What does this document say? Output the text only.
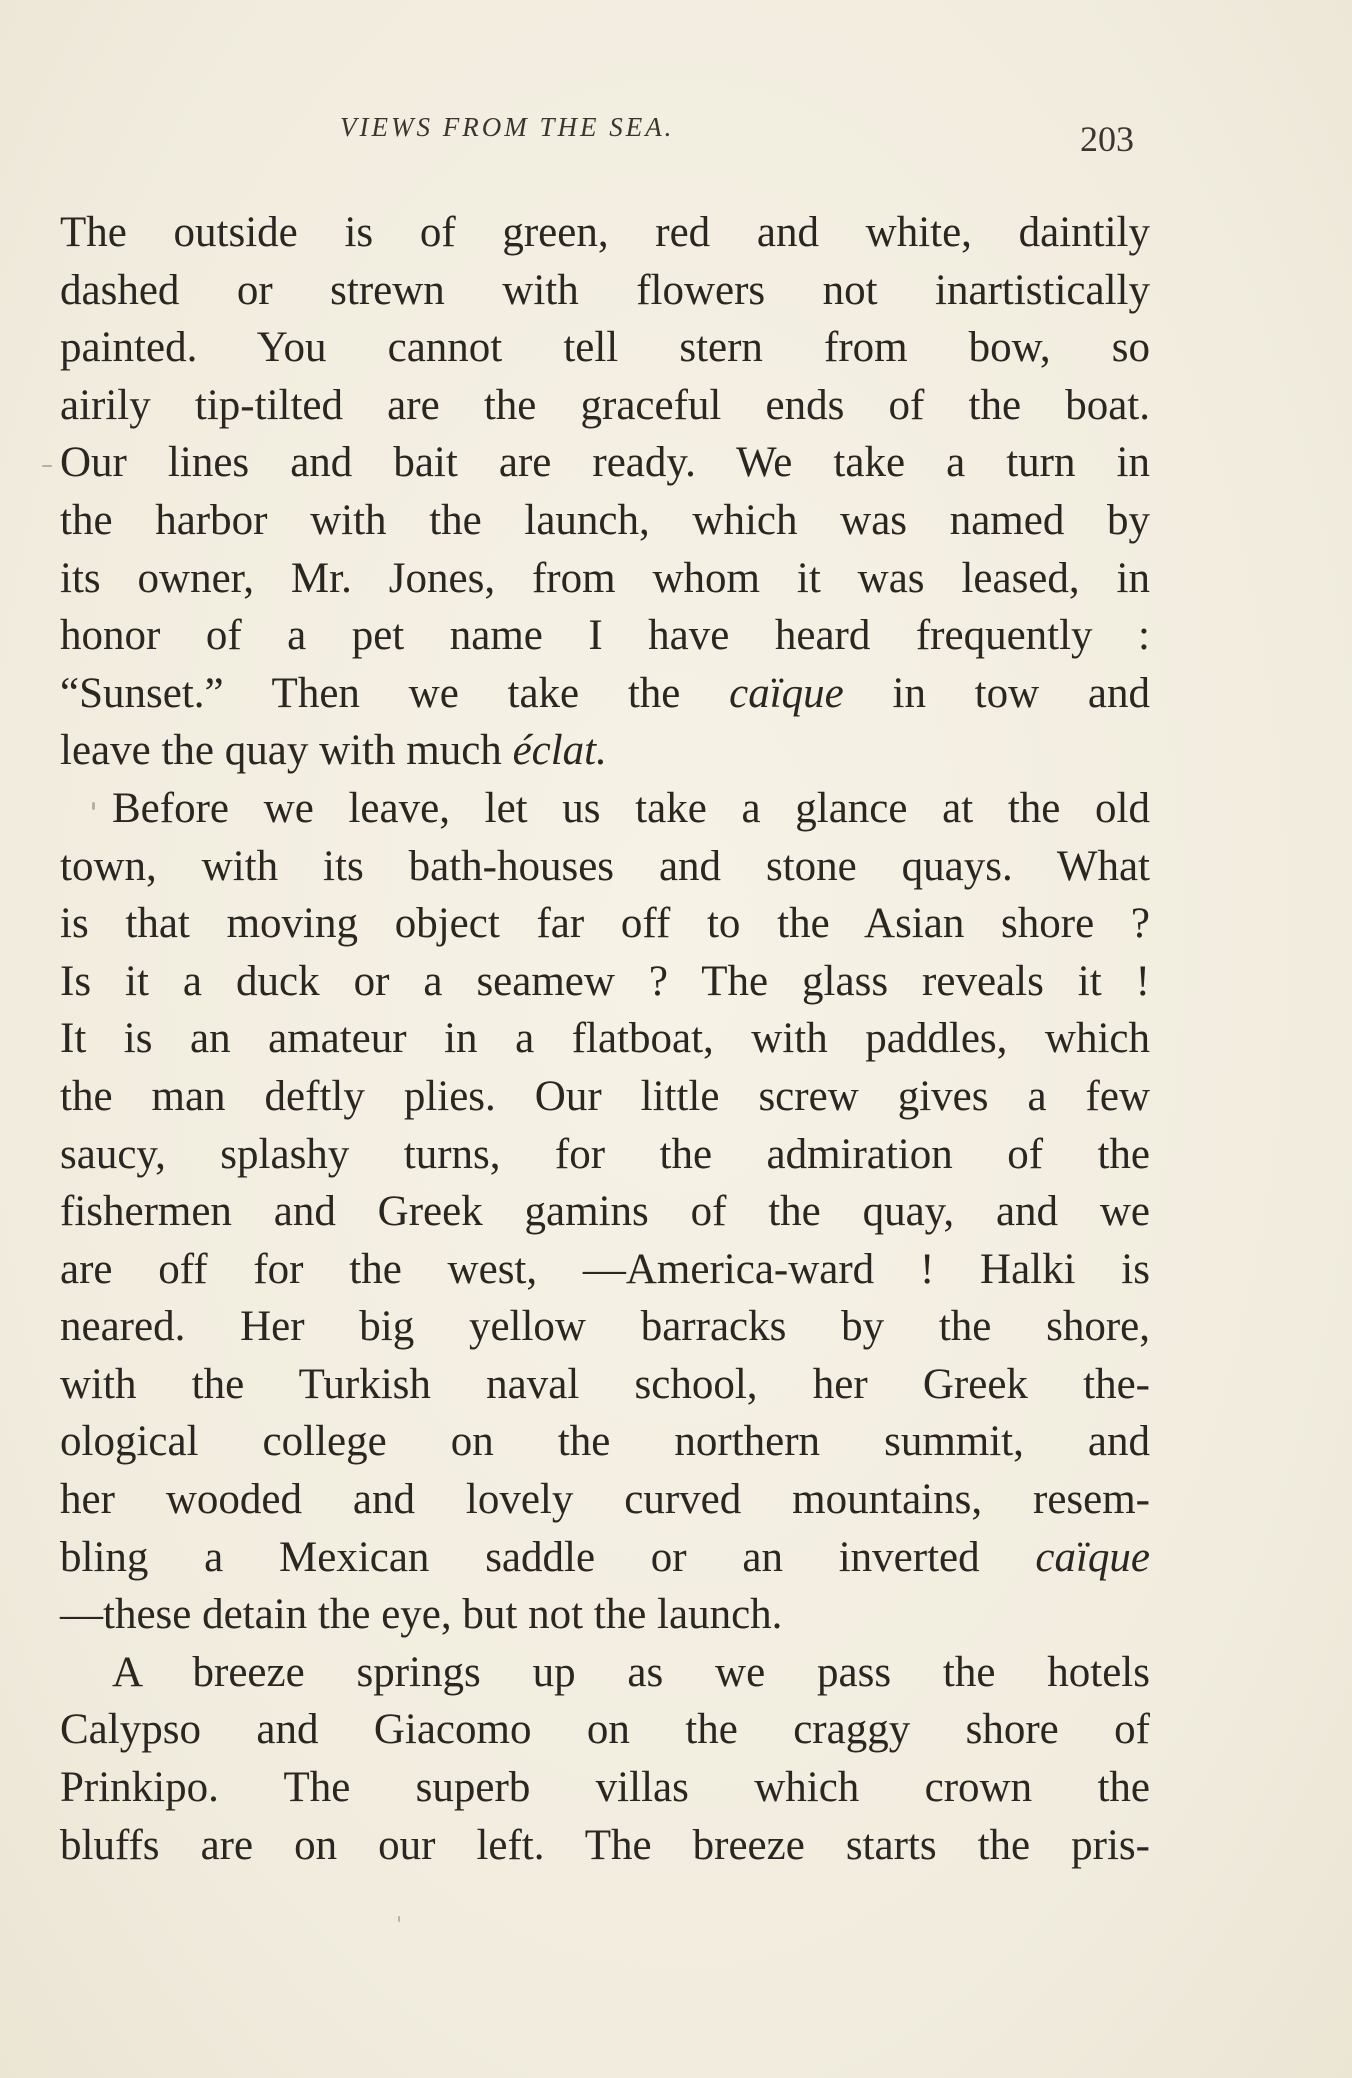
VIEWS FROM THE SEA.	203
The outside is of green, red and white, daintily
dashed or strewn with flowers not inartistically
painted. You cannot tell stern from bow, so
airily tip-tilted are the graceful ends of the boat.
Our lines and bait are ready. We take a turn in
the harbor with the launch, which was named by
its owner, Mr. Jones, from whom it was leased, in
honor of a pet name I have heard frequently :
“Sunset.” Then we take the caïque in tow and
leave the quay with much éclat.
Before we leave, let us take a glance at the old
town, with its bath-houses and stone quays. What
is that moving object far off to the Asian shore ?
Is it a duck or a seamew ? The glass reveals it !
It is an amateur in a flatboat, with paddles, which
the man deftly plies. Our little screw gives a few
saucy, splashy turns, for the admiration of the
fishermen and Greek gamins of the quay, and we
are off for the west, —America-ward ! Halki is
neared. Her big yellow barracks by the shore,
with the Turkish naval school, her Greek the-
ological college on the northern summit, and
her wooded and lovely curved mountains, resem-
bling a Mexican saddle or an inverted caïque
—these detain the eye, but not the launch.
A breeze springs up as we pass the hotels
Calypso and Giacomo on the craggy shore of
Prinkipo. The superb villas which crown the
bluffs are on our left. The breeze starts the pris-
